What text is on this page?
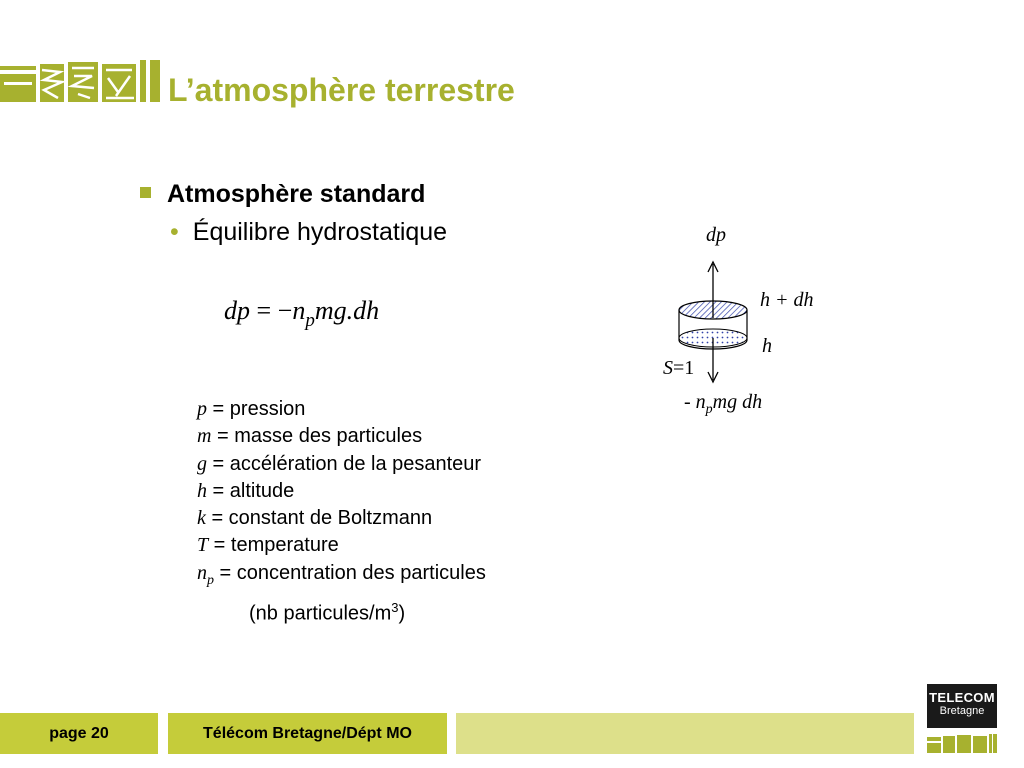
L’atmosphère terrestre
Atmosphère standard
• Équilibre hydrostatique
dp = $-n_pmg.dh$
p = pression
m = masse des particules
g = accélération de la pesanteur
h = altitude
k = constant de Boltzmann
T = temperature
$n_p$ = concentration des particules
(nb particules/$m^3$)
dp
h + dh
h
S=1
- $n_pmg$ dh
page 20	Télécom Bretagne/Dépt MO
TELECOM
Bretagne
